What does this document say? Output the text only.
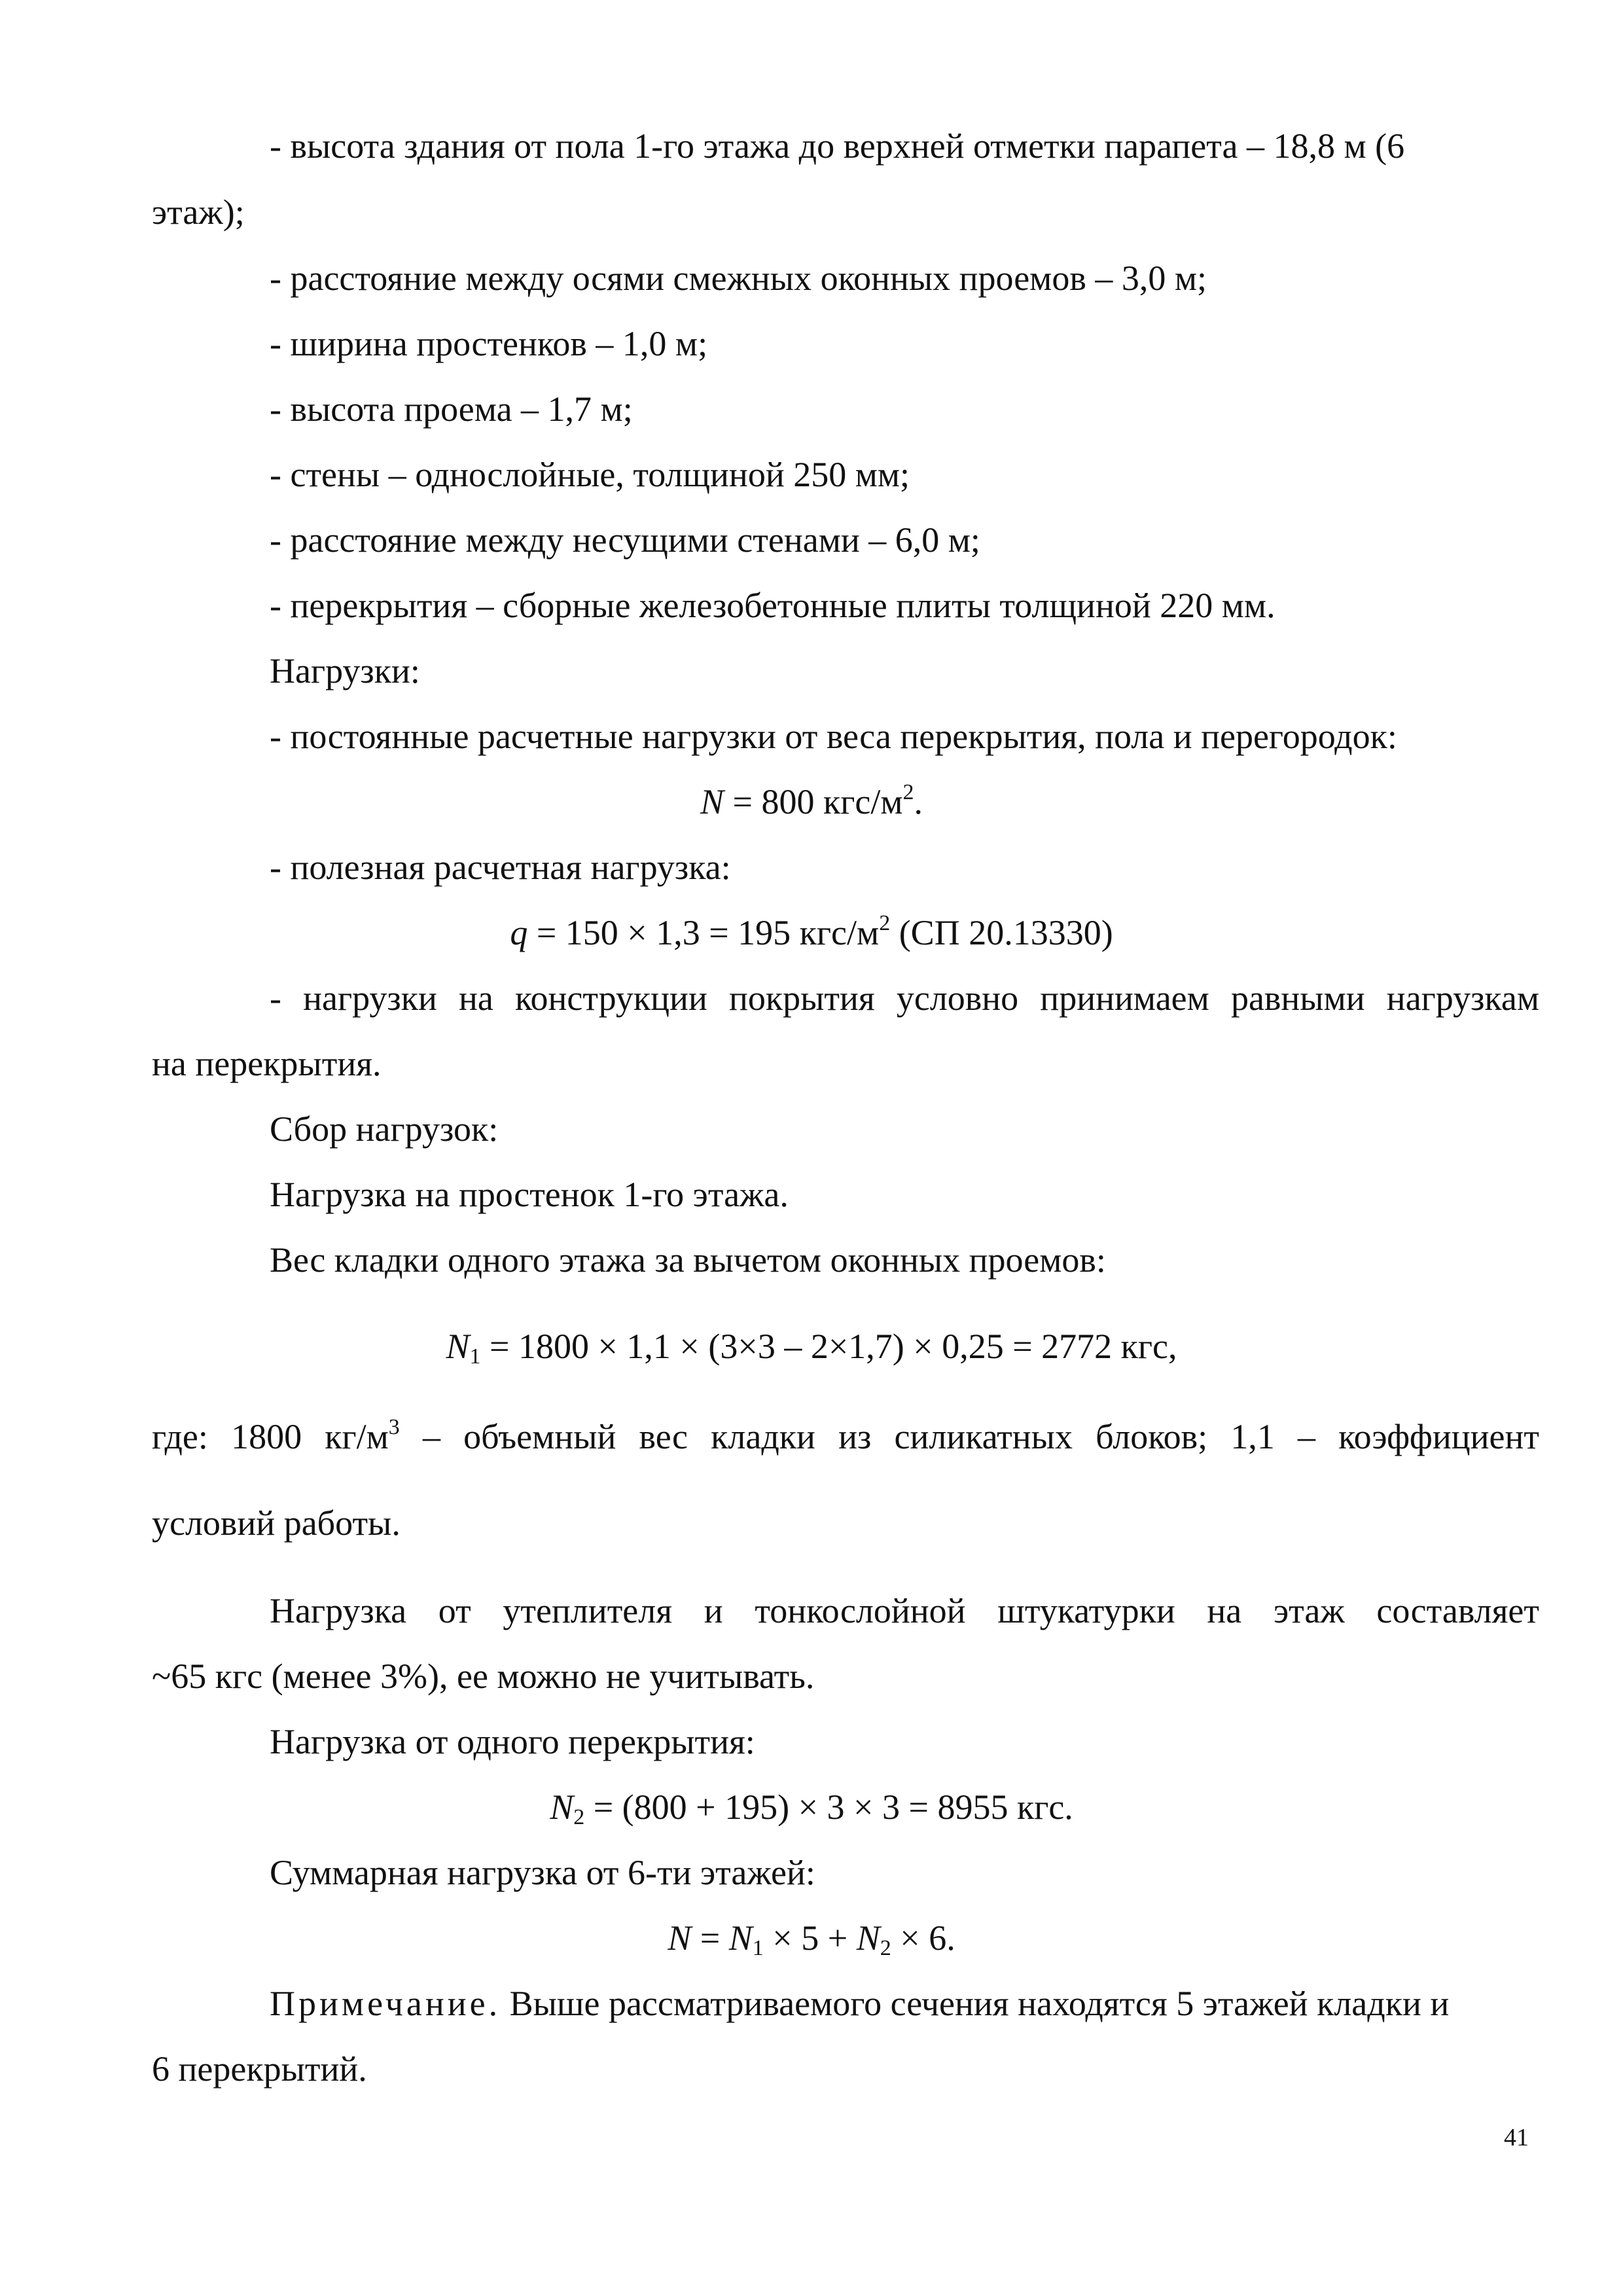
- высота здания от пола 1-го этажа до верхней отметки парапета – 18,8 м (6
этаж);
- расстояние между осями смежных оконных проемов – 3,0 м;
- ширина простенков – 1,0 м;
- высота проема – 1,7 м;
- стены – однослойные, толщиной 250 мм;
- расстояние между несущими стенами – 6,0 м;
- перекрытия – сборные железобетонные плиты толщиной 220 мм.
Нагрузки:
- постоянные расчетные нагрузки от веса перекрытия, пола и перегородок:
N = 800 кгс/$м^2$.
- полезная расчетная нагрузка:
q = 150 × 1,3 = 195 кгс/$м^2$ (СП 20.13330)
- нагрузки на конструкции покрытия условно принимаем равными нагрузкам
на перекрытия.
Сбор нагрузок:
Нагрузка на простенок 1-го этажа.
Вес кладки одного этажа за вычетом оконных проемов:
$N_1 = 1800 \times 1,1 \times (3\times 3 - 2\times 1,7) \times 0,25 = 2772$ кгс,
где: 1800 $кг/м^3$ – объемный вес кладки из силикатных блоков; 1,1 – коэффициент
условий работы.
Нагрузка от утеплителя и тонкослойной штукатурки на этаж составляет
~65 кгс (менее 3%), ее можно не учитывать.
Нагрузка от одного перекрытия:
$N_2 = (800 + 195) \times 3 \times 3 = 8955$ кгс.
Суммарная нагрузка от 6-ти этажей:
$N = N_1 \times 5 + N_2 \times 6$.
Примечание. Выше рассматриваемого сечения находятся 5 этажей кладки и
6 перекрытий.
41
